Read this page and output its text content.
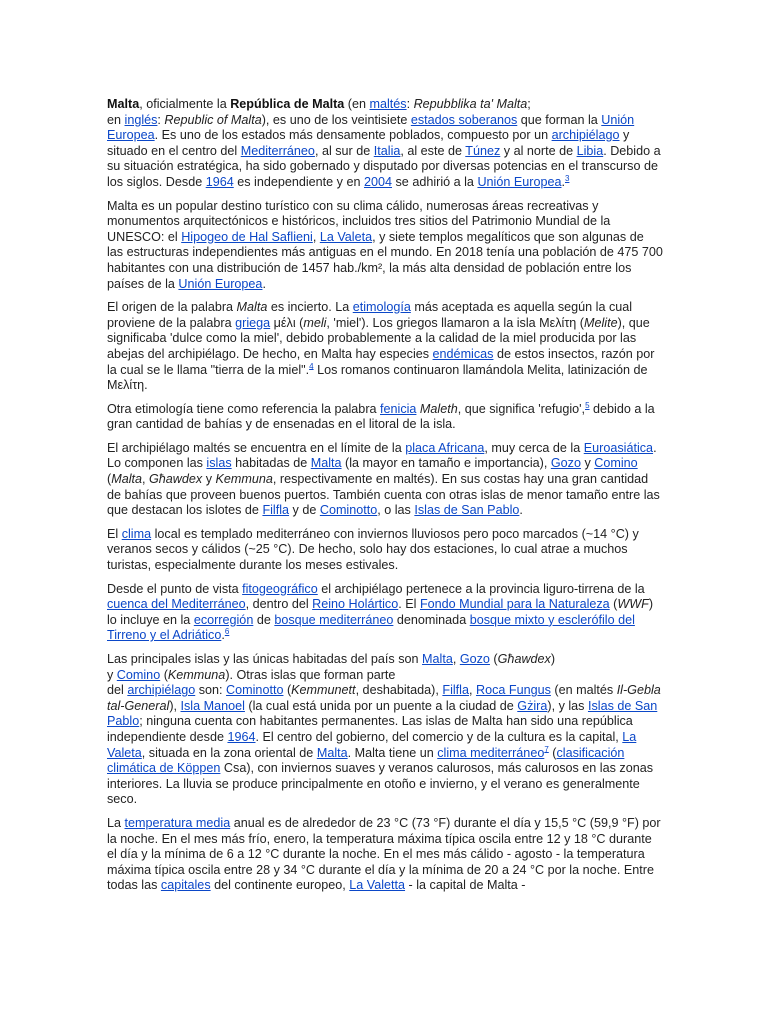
Malta, oficialmente la República de Malta (en maltés: Repubblika ta' Malta;
en inglés: Republic of Malta), es uno de los veintisiete estados soberanos que forman la Unión Europea. Es uno de los estados más densamente poblados, compuesto por un archipiélago y situado en el centro del Mediterráneo, al sur de Italia, al este de Túnez y al norte de Libia. Debido a su situación estratégica, ha sido gobernado y disputado por diversas potencias en el transcurso de los siglos. Desde 1964 es independiente y en 2004 se adhirió a la Unión Europea.$^3$

Malta es un popular destino turístico con su clima cálido, numerosas áreas recreativas y monumentos arquitectónicos e históricos, incluidos tres sitios del Patrimonio Mundial de la UNESCO: el Hipogeo de Hal Saflieni, La Valeta, y siete templos megalíticos que son algunas de las estructuras independientes más antiguas en el mundo. En 2018 tenía una población de 475 700 habitantes con una distribución de 1457 hab./km², la más alta densidad de población entre los países de la Unión Europea.

El origen de la palabra Malta es incierto. La etimología más aceptada es aquella según la cual proviene de la palabra griega μέλι (meli, 'miel'). Los griegos llamaron a la isla Μελίτη (Melite), que significaba 'dulce como la miel', debido probablemente a la calidad de la miel producida por las abejas del archipiélago. De hecho, en Malta hay especies endémicas de estos insectos, razón por la cual se le llama "tierra de la miel".$^4$ Los romanos continuaron llamándola Melita, latinización de Μελίτη.

Otra etimología tiene como referencia la palabra fenicia Maleth, que significa 'refugio',$^5$ debido a la gran cantidad de bahías y de ensenadas en el litoral de la isla.

El archipiélago maltés se encuentra en el límite de la placa Africana, muy cerca de la Euroasiática. Lo componen las islas habitadas de Malta (la mayor en tamaño e importancia), Gozo y Comino (Malta, Għawdex y Kemmuna, respectivamente en maltés). En sus costas hay una gran cantidad de bahías que proveen buenos puertos. También cuenta con otras islas de menor tamaño entre las que destacan los islotes de Filfla y de Cominotto, o las Islas de San Pablo.

El clima local es templado mediterráneo con inviernos lluviosos pero poco marcados (~14 °C) y veranos secos y cálidos (~25 °C). De hecho, solo hay dos estaciones, lo cual atrae a muchos turistas, especialmente durante los meses estivales.

Desde el punto de vista fitogeográfico el archipiélago pertenece a la provincia liguro-tirrena de la cuenca del Mediterráneo, dentro del Reino Holártico. El Fondo Mundial para la Naturaleza (WWF) lo incluye en la ecorregión de bosque mediterráneo denominada bosque mixto y esclerófilo del Tirreno y el Adriático.$^6$

Las principales islas y las únicas habitadas del país son Malta, Gozo (Għawdex)
y Comino (Kemmuna). Otras islas que forman parte
del archipiélago son: Cominotto (Kemmunett, deshabitada), Filfla, Roca Fungus (en maltés Il-Gebla tal-General), Isla Manoel (la cual está unida por un puente a la ciudad de Gżira), y las Islas de San Pablo; ninguna cuenta con habitantes permanentes. Las islas de Malta han sido una república independiente desde 1964. El centro del gobierno, del comercio y de la cultura es la capital, La Valeta, situada en la zona oriental de Malta. Malta tiene un clima mediterráneo$^7$ (clasificación climática de Köppen Csa), con inviernos suaves y veranos calurosos, más calurosos en las zonas interiores. La lluvia se produce principalmente en otoño e invierno, y el verano es generalmente seco.

La temperatura media anual es de alrededor de 23 °C (73 °F) durante el día y 15,5 °C (59,9 °F) por la noche. En el mes más frío, enero, la temperatura máxima típica oscila entre 12 y 18 °C durante el día y la mínima de 6 a 12 °C durante la noche. En el mes más cálido - agosto - la temperatura máxima típica oscila entre 28 y 34 °C durante el día y la mínima de 20 a 24 °C por la noche. Entre todas las capitales del continente europeo, La Valetta - la capital de Malta -
